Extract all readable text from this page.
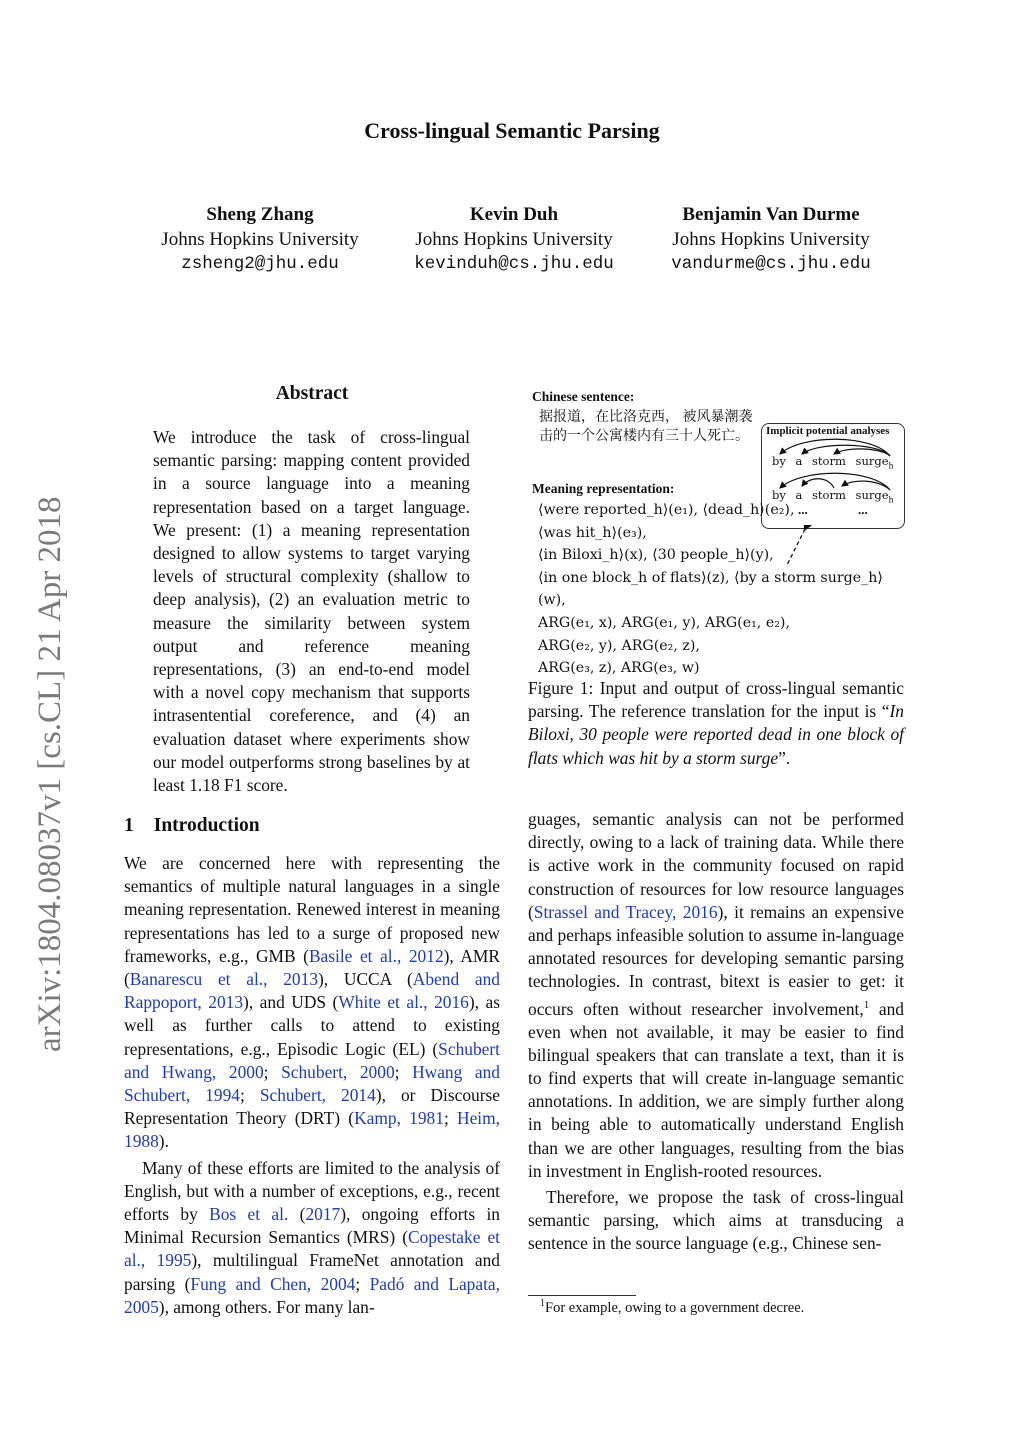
arXiv:1804.08037v1 [cs.CL] 21 Apr 2018
Cross-lingual Semantic Parsing
Sheng Zhang
Johns Hopkins University
zsheng2@jhu.edu
Kevin Duh
Johns Hopkins University
kevinduh@cs.jhu.edu
Benjamin Van Durme
Johns Hopkins University
vandurme@cs.jhu.edu
Abstract

We introduce the task of cross-lingual semantic parsing: mapping content provided in a source language into a meaning representation based on a target language. We present: (1) a meaning representation designed to allow systems to target varying levels of structural complexity (shallow to deep analysis), (2) an evaluation metric to measure the similarity between system output and reference meaning representations, (3) an end-to-end model with a novel copy mechanism that supports intrasentential coreference, and (4) an evaluation dataset where experiments show our model outperforms strong baselines by at least 1.18 F1 score.

1 Introduction

We are concerned here with representing the semantics of multiple natural languages in a single meaning representation. Renewed interest in meaning representations has led to a surge of proposed new frameworks, e.g., GMB (Basile et al., 2012), AMR (Banarescu et al., 2013), UCCA (Abend and Rappoport, 2013), and UDS (White et al., 2016), as well as further calls to attend to existing representations, e.g., Episodic Logic (EL) (Schubert and Hwang, 2000; Schubert, 2000; Hwang and Schubert, 1994; Schubert, 2014), or Discourse Representation Theory (DRT) (Kamp, 1981; Heim, 1988).

Many of these efforts are limited to the analysis of English, but with a number of exceptions, e.g., recent efforts by Bos et al. (2017), ongoing efforts in Minimal Recursion Semantics (MRS) (Copestake et al., 1995), multilingual FrameNet annotation and parsing (Fung and Chen, 2004; Padó and Lapata, 2005), among others. For many lan-

Chinese sentence:
据报道，在比洛克西， 被风暴潮袭
击的一个公寓楼内有三十人死亡。	Implicit potential analyses
by a storm surge$_h$
by a storm surge$_h$
...	...
Meaning representation:
⟨were reported_h⟩(e₁), ⟨dead_h⟩(e₂),
⟨was hit_h⟩(e₃),
⟨in Biloxi_h⟩(x), ⟨30 people_h⟩(y),
⟨in one block_h of flats⟩(z), ⟨by a storm surge_h⟩(w),
ARG(e₁, x), ARG(e₁, y), ARG(e₁, e₂),
ARG(e₂, y), ARG(e₂, z),
ARG(e₃, z), ARG(e₃, w)
Figure 1: Input and output of cross-lingual semantic parsing. The reference translation for the input is “In Biloxi, 30 people were reported dead in one block of flats which was hit by a storm surge”.

guages, semantic analysis can not be performed directly, owing to a lack of training data. While there is active work in the community focused on rapid construction of resources for low resource languages (Strassel and Tracey, 2016), it remains an expensive and perhaps infeasible solution to assume in-language annotated resources for developing semantic parsing technologies. In contrast, bitext is easier to get: it occurs often without researcher involvement,$^1$ and even when not available, it may be easier to find bilingual speakers that can translate a text, than it is to find experts that will create in-language semantic annotations. In addition, we are simply further along in being able to automatically understand English than we are other languages, resulting from the bias in investment in English-rooted resources.

Therefore, we propose the task of cross-lingual semantic parsing, which aims at transducing a sentence in the source language (e.g., Chinese sen-

$^1$For example, owing to a government decree.
